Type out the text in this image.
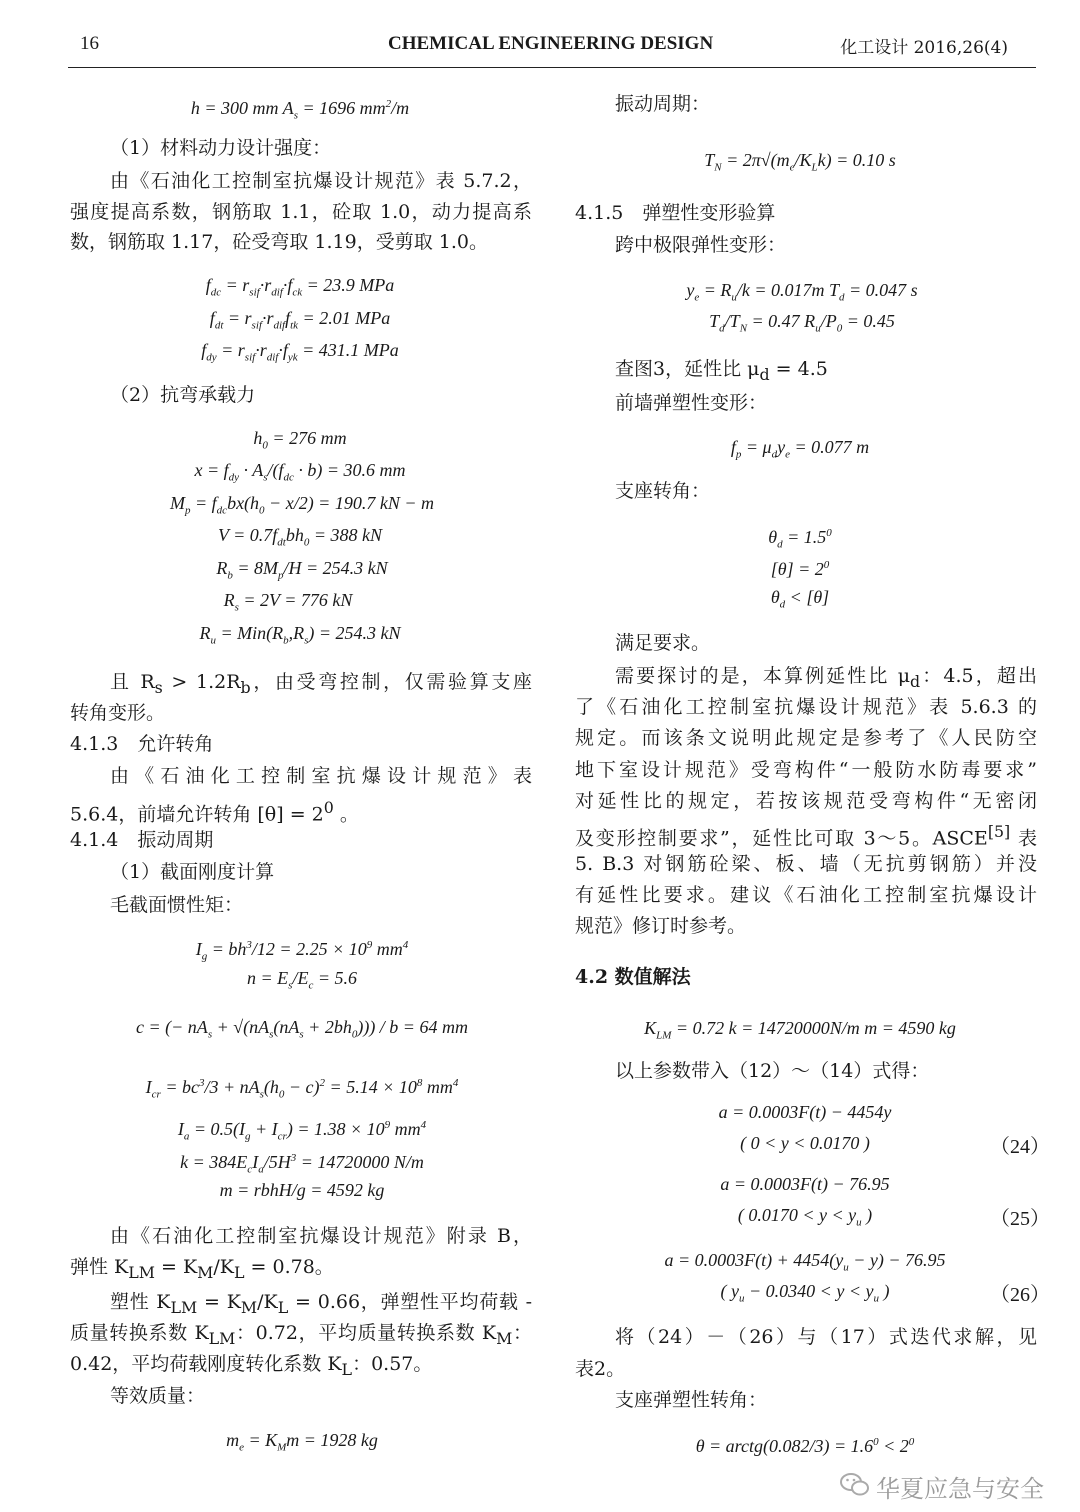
16	CHEMICAL ENGINEERING DESIGN	化工设计 2016,26(4)
h = 300 mm $A_s = 1696$ $mm^2/m$
（1）材料动力设计强度：
由《石油化工控制室抗爆设计规范》表 5.7.2，
强度提高系数，钢筋取 1.1，砼取 1.0，动力提高系
数，钢筋取 1.17，砼受弯取 1.19，受剪取 1.0。
$f_{dc} = r_{sif}\cdot r_{dif}\cdot f_{ck} = 23.9$ MPa
$f_{dt} = r_{sif}\cdot r_{dif}f_{tk} = 2.01$ MPa
$f_{dy} = r_{sif}\cdot r_{dif}\cdot f_{yk} = 431.1$ MPa
（2）抗弯承载力
$h_0 = 276$ mm
$x = f_{dy} \cdot A_s/(f_{dc} \cdot b) = 30.6$ mm
$M_p = f_{dc}bx(h_0 - x/2) = 190.7$ kN − m
$V = 0.7f_{dt}bh_0 = 388$ kN
$R_b = 8M_p/H = 254.3$ kN
$R_s = 2V = 776$ kN
$R_u = Min(R_b,R_s) = 254.3$ kN
且 $R_s > 1.2R_b$，由受弯控制，仅需验算支座
转角变形。
4.1.3　允许转角
由《石油化工控制室抗爆设计规范》表
5.6.4，前墙允许转角 $[\theta] = 2^0$ 。
4.1.4　振动周期
（1）截面刚度计算
毛截面惯性矩：
$I_g = bh^3/12 = 2.25 \times 10^9$ $mm^4$
$n = E_s/E_c = 5.6$
c = (− $nA_s + √(nA_s(nA_s + 2bh_0))) / b = 64$ mm
$I_{cr} = bc^3/3 + nA_s(h_0 - c)^2 = 5.14 \times 10^8$ $mm^4$
$I_a = 0.5(I_g + I_{cr}) = 1.38 \times 10^9$ $mm^4$
$k = 384E_cI_a/5H^3 = 14720000$ N/m
m = rbhH/g = 4592 kg
由《石油化工控制室抗爆设计规范》附录 B，
弹性 $K_{LM} = K_M/K_L = 0.78$。
塑性 $K_{LM} = K_M/K_L = 0.66$，弹塑性平均荷载 -
质量转换系数 $K_{LM}$：0.72，平均质量转换系数 $K_M$：
0.42，平均荷载刚度转化系数 $K_L$：0.57。
等效质量：
$m_e = K_Mm = 1928$ kg
振动周期：
$T_N = 2\pi√(m_e/K_Lk) = 0.10$ s
4.1.5　弹塑性变形验算
跨中极限弹性变形：
$y_e = R_u/k = 0.017m$ $T_d = 0.047$ s
$T_d/T_N = 0.47$ $R_u/P_0 = 0.45$
查图3，延性比 $\mu_d = 4.5$
前墙弹塑性变形：
$f_p = \mu_dy_e = 0.077$ m
支座转角：
$\theta_d = 1.5^0$
$[\theta] = 2^0$
$\theta_d < [\theta]$
满足要求。
需要探讨的是，本算例延性比 $\mu_d$：4.5，超出
了《石油化工控制室抗爆设计规范》表 5.6.3 的
规定。而该条文说明此规定是参考了《人民防空
地下室设计规范》受弯构件“一般防水防毒要求”
对延性比的规定，若按该规范受弯构件“无密闭
及变形控制要求”，延性比可取 3～5。ASCE[5] 表
5. B.3 对钢筋砼梁、板、墙（无抗剪钢筋）并没
有延性比要求。建议《石油化工控制室抗爆设计
规范》修订时参考。
4.2 数值解法
$K_{LM} = 0.72$ k = 14720000N/m m = 4590 kg
以上参数带入（12）～（14）式得：
a = 0.0003F(t) − 4454y
( 0 < y < 0.0170 )	（24）
a = 0.0003F(t) − 76.95
( $0.0170 < y < y_u$ )	（25）
$a = 0.0003F(t) + 4454(y_u - y) - 76.95$
( $y_u - 0.0340 < y < y_u$ )	（26）
将（24）－（26）与（17）式迭代求解，见
表2。
支座弹塑性转角：
θ = arctg(0.082/3) = $1.6^0 < 2^0$
华夏应急与安全
